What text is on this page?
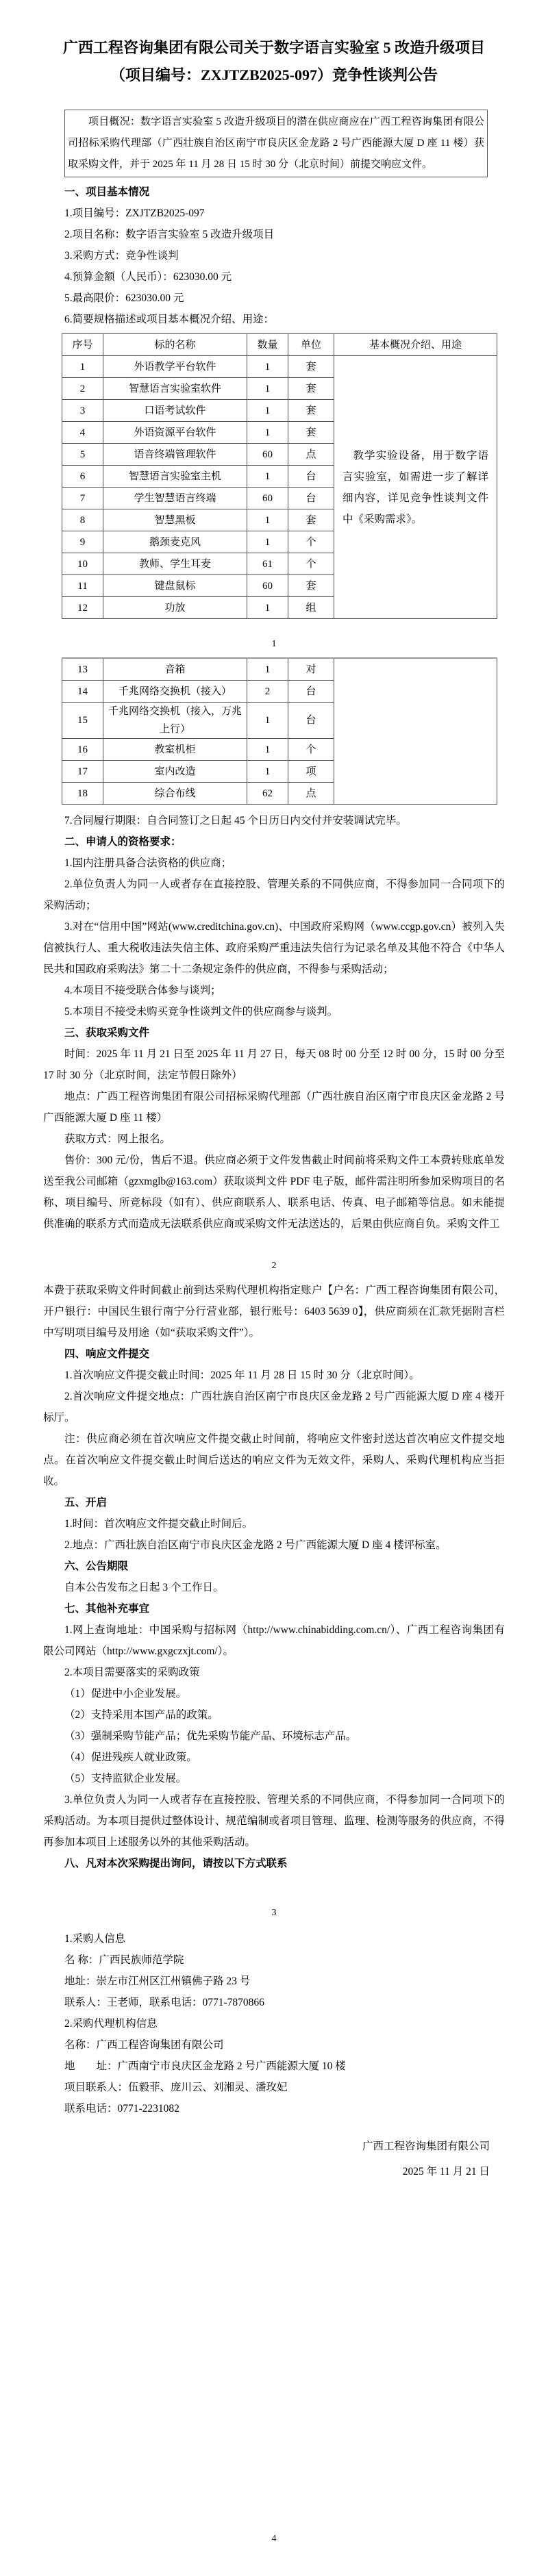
广西工程咨询集团有限公司关于数字语言实验室 5 改造升级项目
（项目编号：ZXJTZB2025-097）竞争性谈判公告
项目概况：数字语言实验室 5 改造升级项目的潜在供应商应在广西工程咨询集团有限公司招标采购代理部（广西壮族自治区南宁市良庆区金龙路 2 号广西能源大厦 D 座 11 楼）获取采购文件，并于 2025 年 11 月 28 日 15 时 30 分（北京时间）前提交响应文件。

一、项目基本情况

1.项目编号：ZXJTZB2025-097

2.项目名称：数字语言实验室 5 改造升级项目

3.采购方式：竞争性谈判

4.预算金额（人民币）：623030.00 元

5.最高限价：623030.00 元

6.简要规格描述或项目基本概况介绍、用途：

序号	标的名称	数量	单位	基本概况介绍、用途
1	外语教学平台软件	1	套	教学实验设备，用于数字语言实验室，如需进一步了解详细内容，详见竞争性谈判文件中《采购需求》。

2	智慧语言实验室软件	1	套	
3	口语考试软件	1	套	
4	外语资源平台软件	1	套	
5	语音终端管理软件	60	点	
6	智慧语言实验室主机	1	台	
7	学生智慧语言终端	60	台	
8	智慧黑板	1	套	
9	鹅颈麦克风	1	个	
10	教师、学生耳麦	61	个	
11	键盘鼠标	60	套	
12	功放	1	组	
1
13	音箱	1	对	
14	千兆网络交换机（接入）	2	台	
15	千兆网络交换机（接入，万兆上行）	1	台	
16	教室机柜	1	个	
17	室内改造	1	项	
18	综合布线	62	点	

7.合同履行期限：自合同签订之日起 45 个日历日内交付并安装调试完毕。

二、申请人的资格要求：

1.国内注册具备合法资格的供应商；

2.单位负责人为同一人或者存在直接控股、管理关系的不同供应商，不得参加同一合同项下的采购活动；

3.对在“信用中国”网站(www.creditchina.gov.cn)、中国政府采购网（www.ccgp.gov.cn）被列入失信被执行人、重大税收违法失信主体、政府采购严重违法失信行为记录名单及其他不符合《中华人民共和国政府采购法》第二十二条规定条件的供应商，不得参与采购活动；

4.本项目不接受联合体参与谈判；

5.本项目不接受未购买竞争性谈判文件的供应商参与谈判。

三、获取采购文件

时间：2025 年 11 月 21 日至 2025 年 11 月 27 日，每天 08 时 00 分至 12 时 00 分，15 时 00 分至 17 时 30 分（北京时间，法定节假日除外）

地点：广西工程咨询集团有限公司招标采购代理部（广西壮族自治区南宁市良庆区金龙路 2 号广西能源大厦 D 座 11 楼）

获取方式：网上报名。

售价：300 元/份，售后不退。供应商必须于文件发售截止时间前将采购文件工本费转账底单发送至我公司邮箱（gzxmglb@163.com）获取谈判文件 PDF 电子版，邮件需注明所参加采购项目的名称、项目编号、所竞标段（如有）、供应商联系人、联系电话、传真、电子邮箱等信息。如未能提供准确的联系方式而造成无法联系供应商或采购文件无法送达的，后果由供应商自负。采购文件工

2

本费于获取采购文件时间截止前到达采购代理机构指定账户【户名：广西工程咨询集团有限公司，开户银行：中国民生银行南宁分行营业部，银行账号：6403 5639 0】，供应商须在汇款凭据附言栏中写明项目编号及用途（如“获取采购文件”）。

四、响应文件提交

1.首次响应文件提交截止时间：2025 年 11 月 28 日 15 时 30 分（北京时间）。

2.首次响应文件提交地点：广西壮族自治区南宁市良庆区金龙路 2 号广西能源大厦 D 座 4 楼开标厅。

注：供应商必须在首次响应文件提交截止时间前，将响应文件密封送达首次响应文件提交地点。在首次响应文件提交截止时间后送达的响应文件为无效文件，采购人、采购代理机构应当拒收。

五、开启

1.时间：首次响应文件提交截止时间后。

2.地点：广西壮族自治区南宁市良庆区金龙路 2 号广西能源大厦 D 座 4 楼评标室。

六、公告期限

自本公告发布之日起 3 个工作日。

七、其他补充事宜

1.网上查询地址：中国采购与招标网（http://www.chinabidding.com.cn/）、广西工程咨询集团有限公司网站（http://www.gxgczxjt.com/）。

2.本项目需要落实的采购政策

（1）促进中小企业发展。

（2）支持采用本国产品的政策。

（3）强制采购节能产品；优先采购节能产品、环境标志产品。

（4）促进残疾人就业政策。

（5）支持监狱企业发展。

3.单位负责人为同一人或者存在直接控股、管理关系的不同供应商，不得参加同一合同项下的采购活动。为本项目提供过整体设计、规范编制或者项目管理、监理、检测等服务的供应商，不得再参加本项目上述服务以外的其他采购活动。

八、凡对本次采购提出询问，请按以下方式联系

3

1.采购人信息

名 称：广西民族师范学院

地址：崇左市江州区江州镇佛子路 23 号

联系人：王老师，联系电话：0771-7870866

2.采购代理机构信息

名称：广西工程咨询集团有限公司

地　　址：广西南宁市良庆区金龙路 2 号广西能源大厦 10 楼

项目联系人：伍毅菲、庞川云、刘湘灵、潘玫妃

联系电话：0771-2231082

广西工程咨询集团有限公司
2025 年 11 月 21 日
4
